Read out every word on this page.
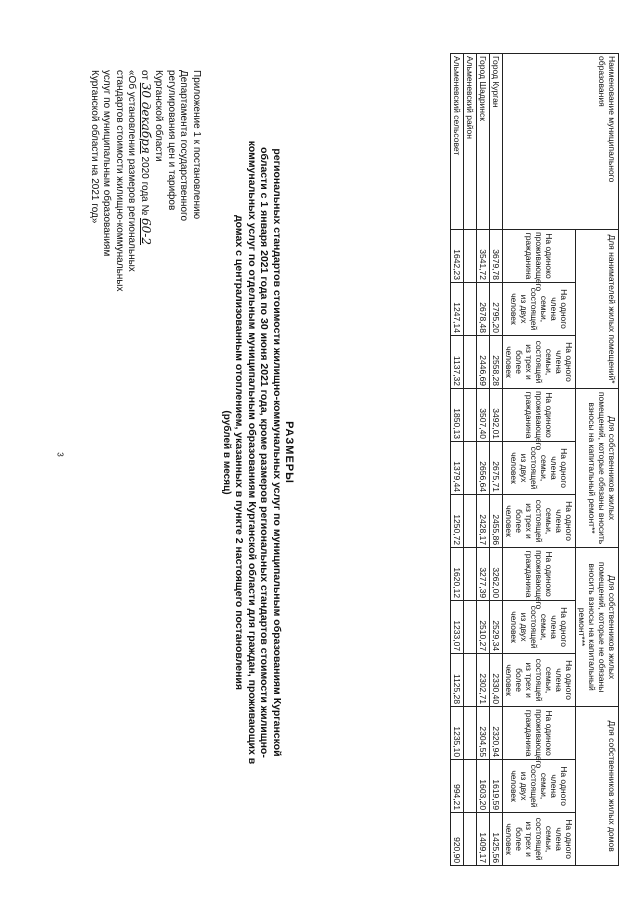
3
Приложение 1 к постановлению
Департамента государственного
регулирования цен и тарифов
Курганской области
от 30 декабря 2020 года № 60-2
«Об установлении размеров региональных
стандартов стоимости жилищно-коммунальных
услуг по муниципальным образованиям
Курганской области на 2021 год»
РАЗМЕРЫ
региональных стандартов стоимости жилищно-коммунальных услуг по муниципальным образованиям Курганской
области с 1 января 2021 года по 30 июня 2021 года, кроме размеров региональных стандартов стоимости жилищно-
коммунальных услуг по отдельным муниципальным образованиям Курганской области для граждан, проживающих в
домах с централизованным отоплением, указанных в пункте 2 настоящего постановления
(рублей в месяц)
Наименование муниципального образования	Для нанимателей жилых помещений*			Для собственников жилых помещений, которые обязаны вносить взносы на капитальный ремонт**			Для собственников жилых помещений, которые не обязаны вносить взносы на капитальный ремонт***			Для собственников жилых домов		
	На одиноко проживающего гражданина	На одного члена семьи, состоящей из двух человек	На одного члена семьи, состоящей из трех и более человек	На одиноко проживающего гражданина	На одного члена семьи, состоящей из двух человек	На одного члена семьи, состоящей из трех и более человек	На одиноко проживающего гражданина	На одного члена семьи, состоящей из двух человек	На одного члена семьи, состоящей из трех и более человек	На одиноко проживающего гражданина	На одного члена семьи, состоящей из двух человек	На одного члена семьи, состоящей из трех и более человек
Город Курган	3679,78	2795,20	2558,28	3492,01	2675,71	2455,86	3262,00	2529,34	2330,40	2320,94	1619,59	1425,56
Город Шадринск	3541,72	2678,48	2446,69	3507,40	2656,64	2428,17	3277,39	2510,27	2302,71	2304,55	1603,20	1409,17
Альменевский район												
Альменевский сельсовет	1642,23	1247,14	1137,32	1850,13	1379,44	1250,72	1620,12	1233,07	1125,28	1235,10	994,21	920,90
